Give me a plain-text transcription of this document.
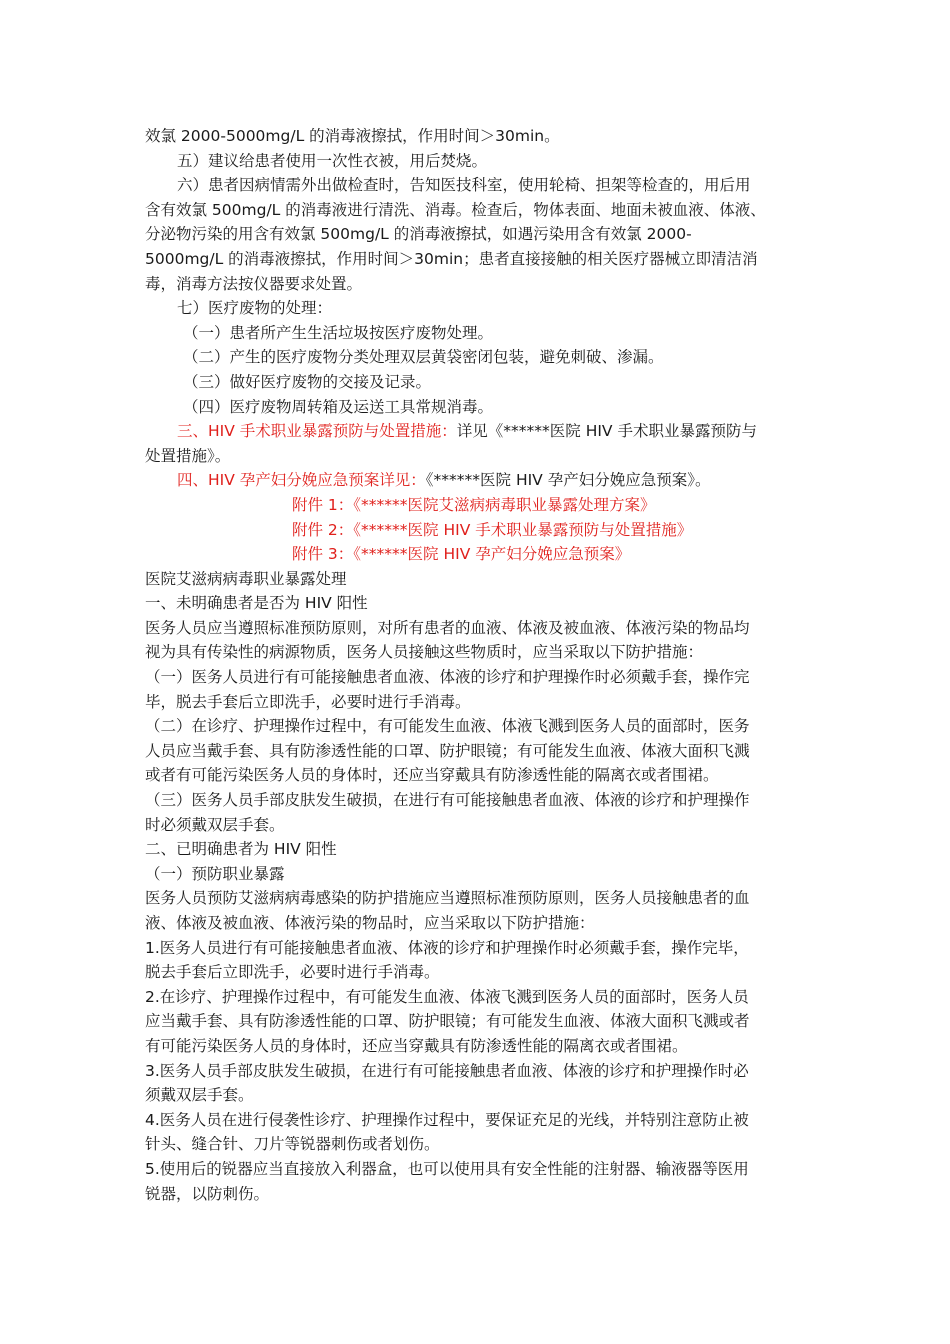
效氯 2000-5000mg/L 的消毒液擦拭，作用时间＞30min。

五）建议给患者使用一次性衣被，用后焚烧。

六）患者因病情需外出做检查时，告知医技科室，使用轮椅、担架等检查的，用后用

含有效氯 500mg/L 的消毒液进行清洗、消毒。检查后，物体表面、地面未被血液、体液、

分泌物污染的用含有效氯 500mg/L 的消毒液擦拭，如遇污染用含有效氯 2000-

5000mg/L 的消毒液擦拭，作用时间＞30min；患者直接接触的相关医疗器械立即清洁消

毒，消毒方法按仪器要求处置。

七）医疗废物的处理：

（一）患者所产生生活垃圾按医疗废物处理。

（二）产生的医疗废物分类处理双层黄袋密闭包装，避免刺破、渗漏。

（三）做好医疗废物的交接及记录。

（四）医疗废物周转箱及运送工具常规消毒。

三、HIV 手术职业暴露预防与处置措施：详见《******医院 HIV 手术职业暴露预防与

处置措施》。

四、HIV 孕产妇分娩应急预案详见：《******医院 HIV 孕产妇分娩应急预案》。

附件 1：《******医院艾滋病病毒职业暴露处理方案》

附件 2：《******医院 HIV 手术职业暴露预防与处置措施》

附件 3：《******医院 HIV 孕产妇分娩应急预案》

医院艾滋病病毒职业暴露处理

一、未明确患者是否为 HIV 阳性

医务人员应当遵照标准预防原则，对所有患者的血液、体液及被血液、体液污染的物品均

视为具有传染性的病源物质，医务人员接触这些物质时，应当采取以下防护措施：

（一）医务人员进行有可能接触患者血液、体液的诊疗和护理操作时必须戴手套，操作完

毕，脱去手套后立即洗手，必要时进行手消毒。

（二）在诊疗、护理操作过程中，有可能发生血液、体液飞溅到医务人员的面部时，医务

人员应当戴手套、具有防渗透性能的口罩、防护眼镜；有可能发生血液、体液大面积飞溅

或者有可能污染医务人员的身体时，还应当穿戴具有防渗透性能的隔离衣或者围裙。

（三）医务人员手部皮肤发生破损，在进行有可能接触患者血液、体液的诊疗和护理操作

时必须戴双层手套。

二、已明确患者为 HIV 阳性

（一）预防职业暴露

医务人员预防艾滋病病毒感染的防护措施应当遵照标准预防原则，医务人员接触患者的血

液、体液及被血液、体液污染的物品时，应当采取以下防护措施：

1.医务人员进行有可能接触患者血液、体液的诊疗和护理操作时必须戴手套，操作完毕，

脱去手套后立即洗手，必要时进行手消毒。

2.在诊疗、护理操作过程中，有可能发生血液、体液飞溅到医务人员的面部时，医务人员

应当戴手套、具有防渗透性能的口罩、防护眼镜；有可能发生血液、体液大面积飞溅或者

有可能污染医务人员的身体时，还应当穿戴具有防渗透性能的隔离衣或者围裙。

3.医务人员手部皮肤发生破损，在进行有可能接触患者血液、体液的诊疗和护理操作时必

须戴双层手套。

4.医务人员在进行侵袭性诊疗、护理操作过程中，要保证充足的光线，并特别注意防止被

针头、缝合针、刀片等锐器刺伤或者划伤。

5.使用后的锐器应当直接放入利器盒，也可以使用具有安全性能的注射器、输液器等医用

锐器，以防刺伤。
